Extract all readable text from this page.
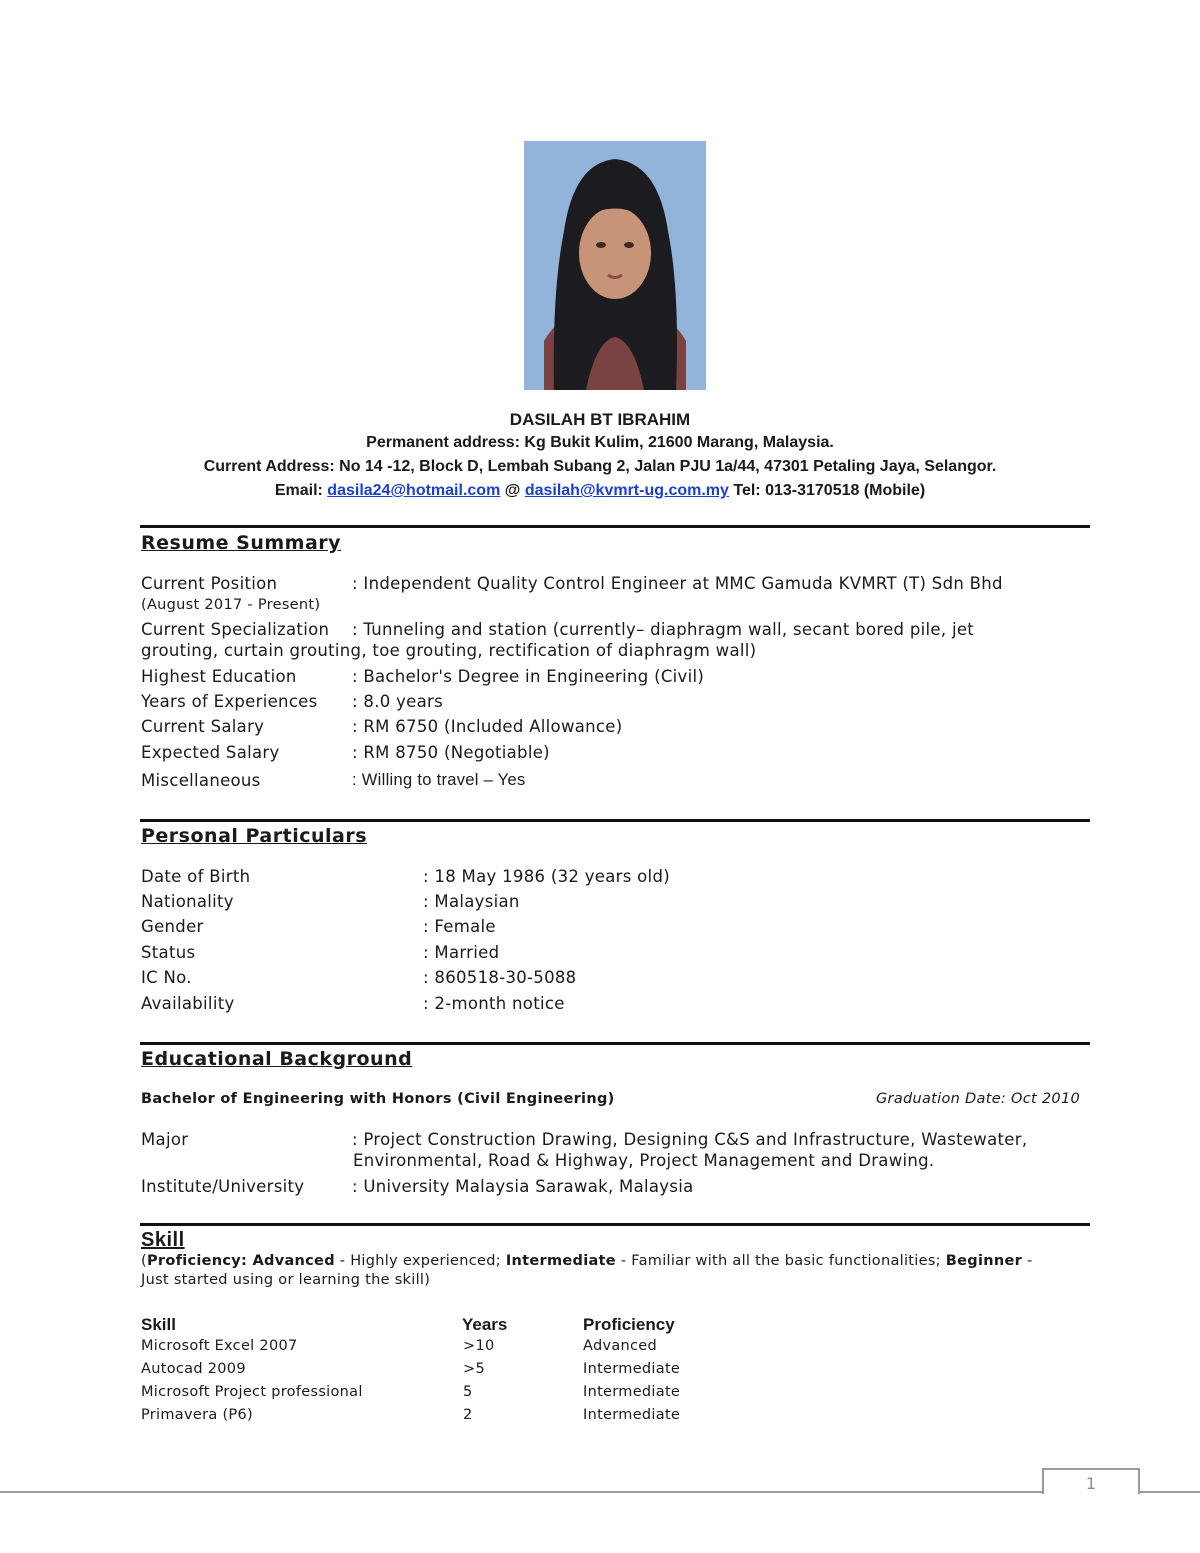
DASILAH BT IBRAHIM
Permanent address: Kg Bukit Kulim, 21600 Marang, Malaysia.
Current Address: No 14 -12, Block D, Lembah Subang 2, Jalan PJU 1a/44, 47301 Petaling Jaya, Selangor.
Email: dasila24@hotmail.com @ dasilah@kvmrt-ug.com.my Tel: 013-3170518 (Mobile)
Resume Summary
Current Position	: Independent Quality Control Engineer at MMC Gamuda KVMRT (T) Sdn Bhd
(August 2017 - Present)
Current Specialization : Tunneling and station (currently– diaphragm wall, secant bored pile, jet
grouting, curtain grouting, toe grouting, rectification of diaphragm wall)
Highest Education	: Bachelor's Degree in Engineering (Civil)
Years of Experiences : 8.0 years
Current Salary	: RM 6750 (Included Allowance)
Expected Salary	: RM 8750 (Negotiable)
Miscellaneous	: Willing to travel – Yes
Personal Particulars
Date of Birth	: 18 May 1986 (32 years old)
Nationality	: Malaysian
Gender	: Female
Status	: Married
IC No.	: 860518-30-5088
Availability	: 2-month notice
Educational Background
Bachelor of Engineering with Honors (Civil Engineering)	Graduation Date: Oct 2010
Major	: Project Construction Drawing, Designing C&S and Infrastructure, Wastewater,
Environmental, Road & Highway, Project Management and Drawing.
Institute/University	: University Malaysia Sarawak, Malaysia
Skill
(Proficiency: Advanced - Highly experienced; Intermediate - Familiar with all the basic functionalities; Beginner -
Just started using or learning the skill)
Skill	Years	Proficiency
Microsoft Excel 2007	>10	Advanced
Autocad 2009	>5	Intermediate
Microsoft Project professional	5	Intermediate
Primavera (P6)	2	Intermediate
1
